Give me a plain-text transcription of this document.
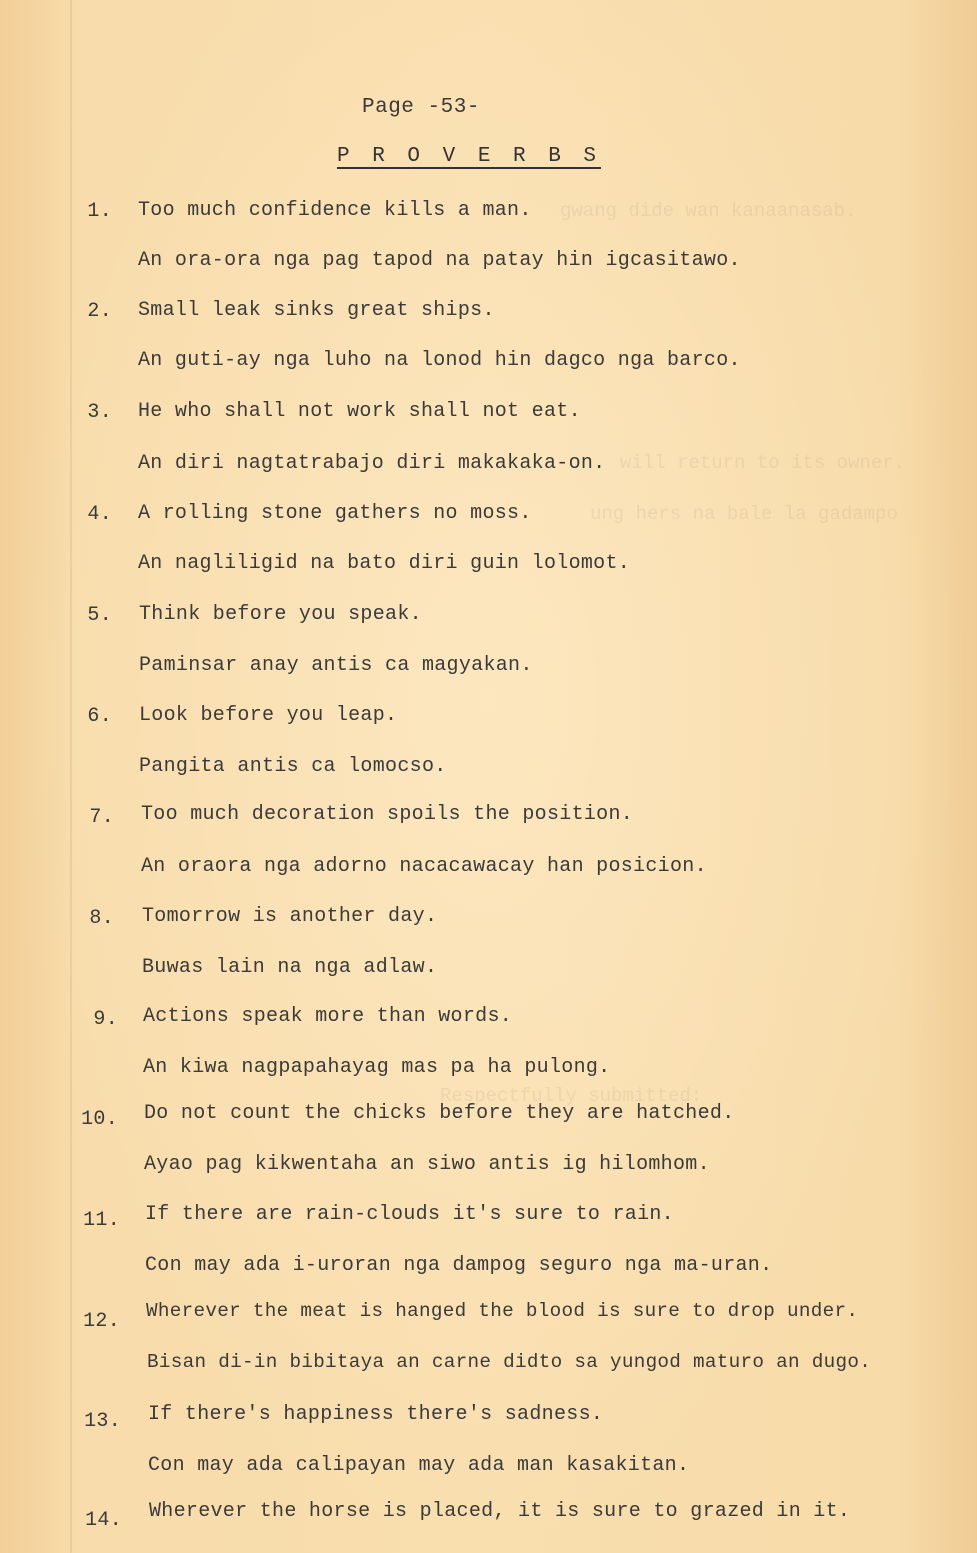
gwang dide wan kanaanasab.
will return to its owner.
ung hers na bale la gadampo
Respectfully submitted:
Page -53-
P R O V E R B S
1. Too much confidence kills a man.
An ora-ora nga pag tapod na patay hin igcasitawo.
2. Small leak sinks great ships.
An guti-ay nga luho na lonod hin dagco nga barco.
3. He who shall not work shall not eat.
An diri nagtatrabajo diri makakaka-on.
4. A rolling stone gathers no moss.
An nagliligid na bato diri guin lolomot.
5. Think before you speak.
Paminsar anay antis ca magyakan.
6. Look before you leap.
Pangita antis ca lomocso.
7. Too much decoration spoils the position.
An oraora nga adorno nacacawacay han posicion.
8. Tomorrow is another day.
Buwas lain na nga adlaw.
9. Actions speak more than words.
An kiwa nagpapahayag mas pa ha pulong.
10. Do not count the chicks before they are hatched.
Ayao pag kikwentaha an siwo antis ig hilomhom.
11. If there are rain-clouds it's sure to rain.
Con may ada i-uroran nga dampog seguro nga ma-uran.
12. Wherever the meat is hanged the blood is sure to drop under.
Bisan di-in bibitaya an carne didto sa yungod maturo an dugo.
13. If there's happiness there's sadness.
Con may ada calipayan may ada man kasakitan.
14. Wherever the horse is placed, it is sure to grazed in it.
